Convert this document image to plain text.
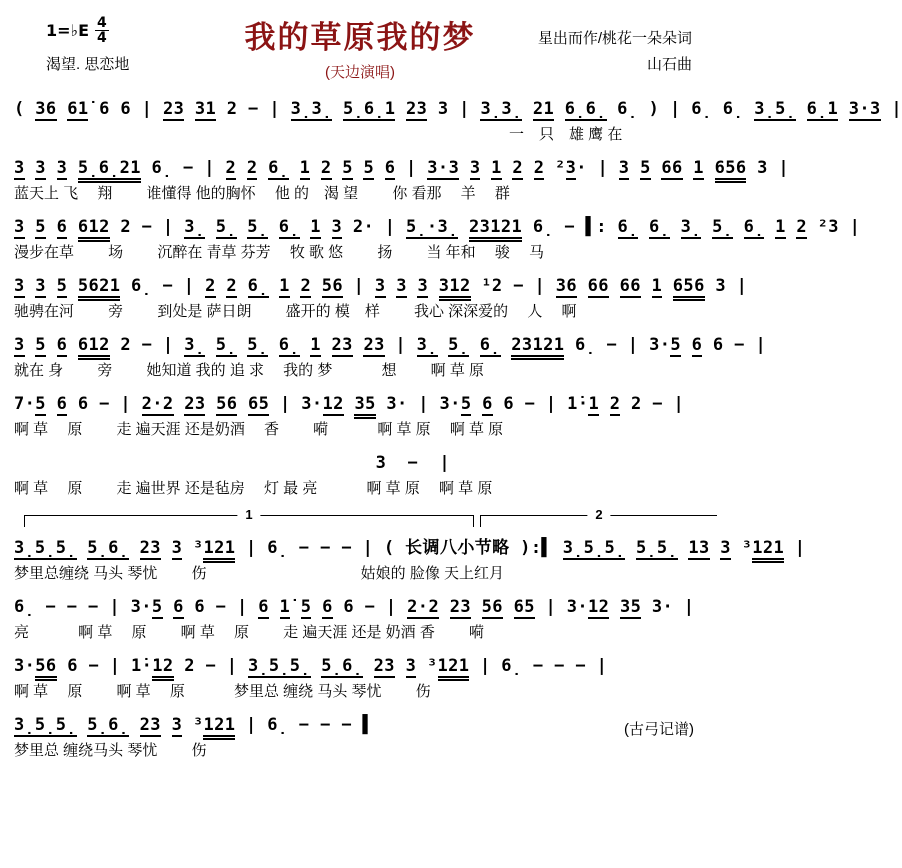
1=♭E 4
4
渴望. 思恋地
我的草原我的梦
(天边演唱)
星出而作/桃花一朵朵词
山石曲
( 36 61̇ 6 6 | 23 31 2 − | 3̣3̣ 5̣6̣1 23 3 | 3̣3̣ 21 6̣6̣ 6̣ ) | 6̣ 6̣ 3̣5̣ 6̣1 3·3 |
　　　　　　　　　　　　　　　　　　　　　　　　　　　　　　　　　一　只　雄 鹰 在
3 3 3 5̣6̣21 6̣ − | 2 2 6̣ 1 2 5 5 6 | 3·3 3 1 2 2 ²3· | 3 5 66 1 656 3 |
蓝天上 飞　 翔　　 谁懂得 他的胸怀　 他 的　渴 望　　 你 看那　 羊　 群
3 5 6 612 2 − | 3̣ 5̣ 5̣ 6̣ 1 3 2· | 5̣·3̣ 23121 6̣ − ▌: 6̣ 6̣ 3̣ 5̣ 6̣ 1 2 ²3 |
漫步在草　　 场　　 沉醉在 青草 芬芳　 牧 歌 悠　　 扬　　 当 年和　 骏　 马
3 3 5 5621 6̣ − | 2 2 6̣ 1 2 56 | 3 3 3 312 ¹2 − | 36 66 66 1 656 3 |
驰骋在河　　 旁　　 到处是 萨日朗　　 盛开的 模　样　　 我心 深深爱的　 人　 啊
3 5 6 612 2 − | 3̣ 5̣ 5̣ 6̣ 1 23 23 | 3̣ 5̣ 6̣ 23121 6̣ − | 3·5 6 6 − |
就在 身　　 旁　　 她知道 我的 追 求　 我的 梦　　　 想　　 啊 草 原
7·5 6 6 − | 2·2 23 56 65 | 3·12 35 3· | 3·5 6 6 − | 1̇·1 2 2 − |
啊 草　 原　　 走 遍天涯 还是奶酒　 香　　 嗬　　　 啊 草 原　 啊 草 原
3  −  |
啊 草　 原　　 走 遍世界 还是毡房　 灯 最 亮　　　 啊 草 原　 啊 草 原
1	2
3̣5̣5̣ 5̣6̣ 23 3 ³121 | 6̣ − − − | ( 长调八小节略 ):▌ 3̣5̣5̣ 5̣5̣ 13 3 ³121 |
梦里总缠绕 马头 琴忧　　 伤　　　　　　　　　　 姑娘的 脸像 天上红月
6̣ − − − | 3·5 6 6 − | 6 1̇ 5 6 6 − | 2·2 23 56 65 | 3·12 35 3· |
亮　　　 啊 草　 原　　 啊 草　 原　　 走 遍天涯 还是 奶酒 香　　 嗬
3·56 6 − | 1̇·12 2 − | 3̣5̣5̣ 5̣6̣ 23 3 ³121 | 6̣ − − − |
啊 草　 原　　 啊 草　 原　　　 梦里总 缠绕 马头 琴忧　　 伤
3̣5̣5̣ 5̣6̣ 23 3 ³121 | 6̣ − − − ▌	(古弓记谱)
梦里总 缠绕马头 琴忧　　 伤
